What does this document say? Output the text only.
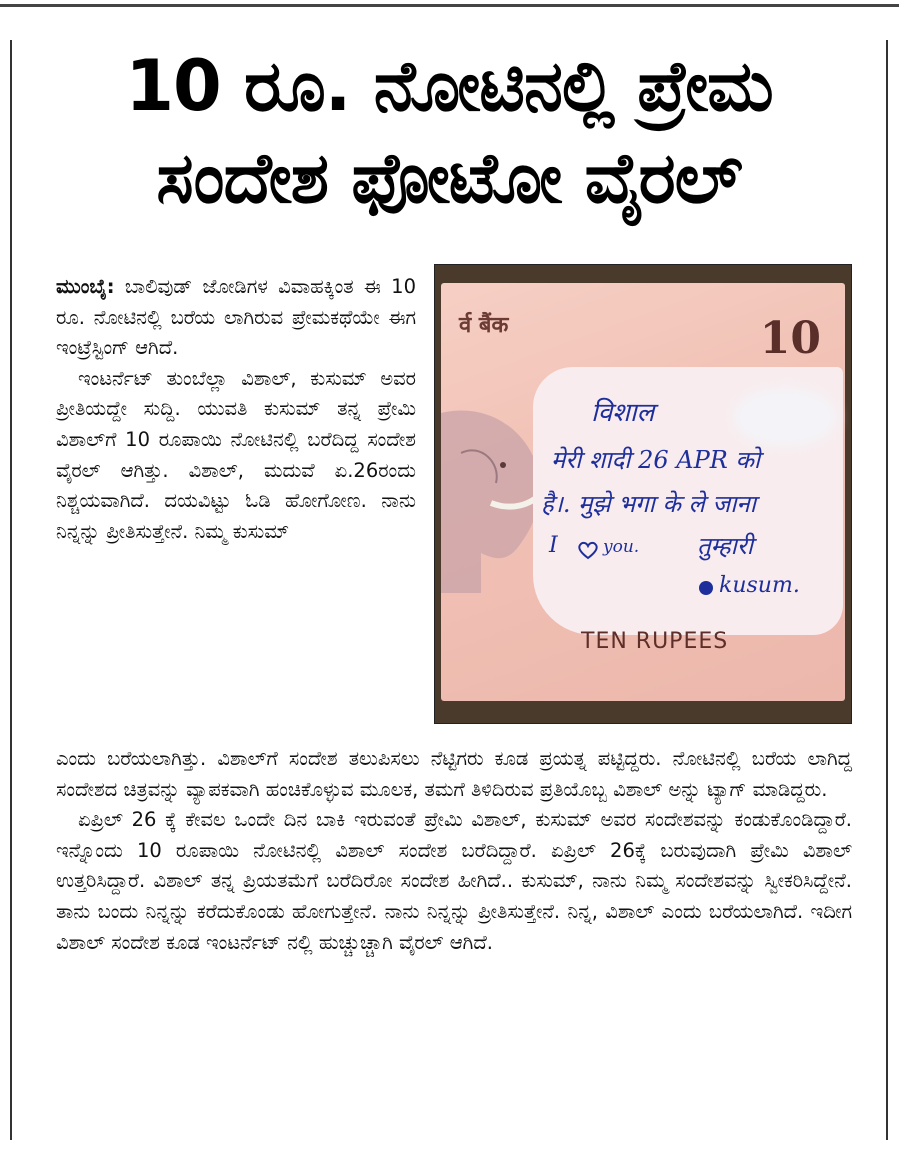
10 ರೂ. ನೋಟಿನಲ್ಲಿ ಪ್ರೇಮ
ಸಂದೇಶ ಫೋಟೋ ವೈರಲ್

ಮುಂಬೈ: ಬಾಲಿವುಡ್ ಜೋಡಿಗಳ ವಿವಾಹಕ್ಕಿಂತ ಈ 10 ರೂ. ನೋಟಿನಲ್ಲಿ ಬರೆಯ ಲಾಗಿರುವ ಪ್ರೇಮಕಥೆಯೇ ಈಗ ಇಂಟ್ರೆಸ್ಟಿಂಗ್ ಆಗಿದೆ.

ಇಂಟರ್ನೆಟ್ ತುಂಬೆಲ್ಲಾ ವಿಶಾಲ್, ಕುಸುಮ್ ಅವರ ಪ್ರೀತಿಯದ್ದೇ ಸುದ್ದಿ. ಯುವತಿ ಕುಸುಮ್ ತನ್ನ ಪ್ರೇಮಿ ವಿಶಾಲ್‌ಗೆ 10 ರೂಪಾಯಿ ನೋಟಿನಲ್ಲಿ ಬರೆದಿದ್ದ ಸಂದೇಶ ವೈರಲ್ ಆಗಿತ್ತು. ವಿಶಾಲ್, ಮದುವೆ ಏ.26ರಂದು ನಿಶ್ಚಯವಾಗಿದೆ. ದಯವಿಟ್ಟು ಓಡಿ ಹೋಗೋಣ. ನಾನು ನಿನ್ನನ್ನು ಪ್ರೀತಿಸುತ್ತೇನೆ. ನಿಮ್ಮ ಕುಸುಮ್

र्व बैंक	10
विशाल
मेरी शादी 26 APR को
है।. मुझे भगा के ले जाना
I	you. तुम्हारी
kusum.
TEN RUPEES

ಎಂದು ಬರೆಯಲಾಗಿತ್ತು. ವಿಶಾಲ್‌ಗೆ ಸಂದೇಶ ತಲುಪಿಸಲು ನೆಟ್ಟಿಗರು ಕೂಡ ಪ್ರಯತ್ನ ಪಟ್ಟಿದ್ದರು. ನೋಟಿನಲ್ಲಿ ಬರೆಯ ಲಾಗಿದ್ದ ಸಂದೇಶದ ಚಿತ್ರವನ್ನು ವ್ಯಾಪಕವಾಗಿ ಹಂಚಿಕೊಳ್ಳುವ ಮೂಲಕ, ತಮಗೆ ತಿಳಿದಿರುವ ಪ್ರತಿಯೊಬ್ಬ ವಿಶಾಲ್ ಅನ್ನು ಟ್ಯಾಗ್ ಮಾಡಿದ್ದರು.

ಏಪ್ರಿಲ್ 26 ಕ್ಕೆ ಕೇವಲ ಒಂದೇ ದಿನ ಬಾಕಿ ಇರುವಂತೆ ಪ್ರೇಮಿ ವಿಶಾಲ್, ಕುಸುಮ್ ಅವರ ಸಂದೇಶವನ್ನು ಕಂಡುಕೊಂಡಿದ್ದಾರೆ. ಇನ್ನೊಂದು 10 ರೂಪಾಯಿ ನೋಟಿನಲ್ಲಿ ವಿಶಾಲ್ ಸಂದೇಶ ಬರೆದಿದ್ದಾರೆ. ಏಪ್ರಿಲ್ 26ಕ್ಕೆ ಬರುವುದಾಗಿ ಪ್ರೇಮಿ ವಿಶಾಲ್ ಉತ್ತರಿಸಿದ್ದಾರೆ. ವಿಶಾಲ್ ತನ್ನ ಪ್ರಿಯತಮೆಗೆ ಬರೆದಿರೋ ಸಂದೇಶ ಹೀಗಿದೆ.. ಕುಸುಮ್, ನಾನು ನಿಮ್ಮ ಸಂದೇಶವನ್ನು ಸ್ವೀಕರಿಸಿದ್ದೇನೆ. ತಾನು ಬಂದು ನಿನ್ನನ್ನು ಕರೆದುಕೊಂಡು ಹೋಗುತ್ತೇನೆ. ನಾನು ನಿನ್ನನ್ನು ಪ್ರೀತಿಸುತ್ತೇನೆ. ನಿನ್ನ, ವಿಶಾಲ್ ಎಂದು ಬರೆಯಲಾಗಿದೆ. ಇದೀಗ ವಿಶಾಲ್ ಸಂದೇಶ ಕೂಡ ಇಂಟರ್ನೆಟ್ ನಲ್ಲಿ ಹುಚ್ಚುಚ್ಚಾಗಿ ವೈರಲ್ ಆಗಿದೆ.
